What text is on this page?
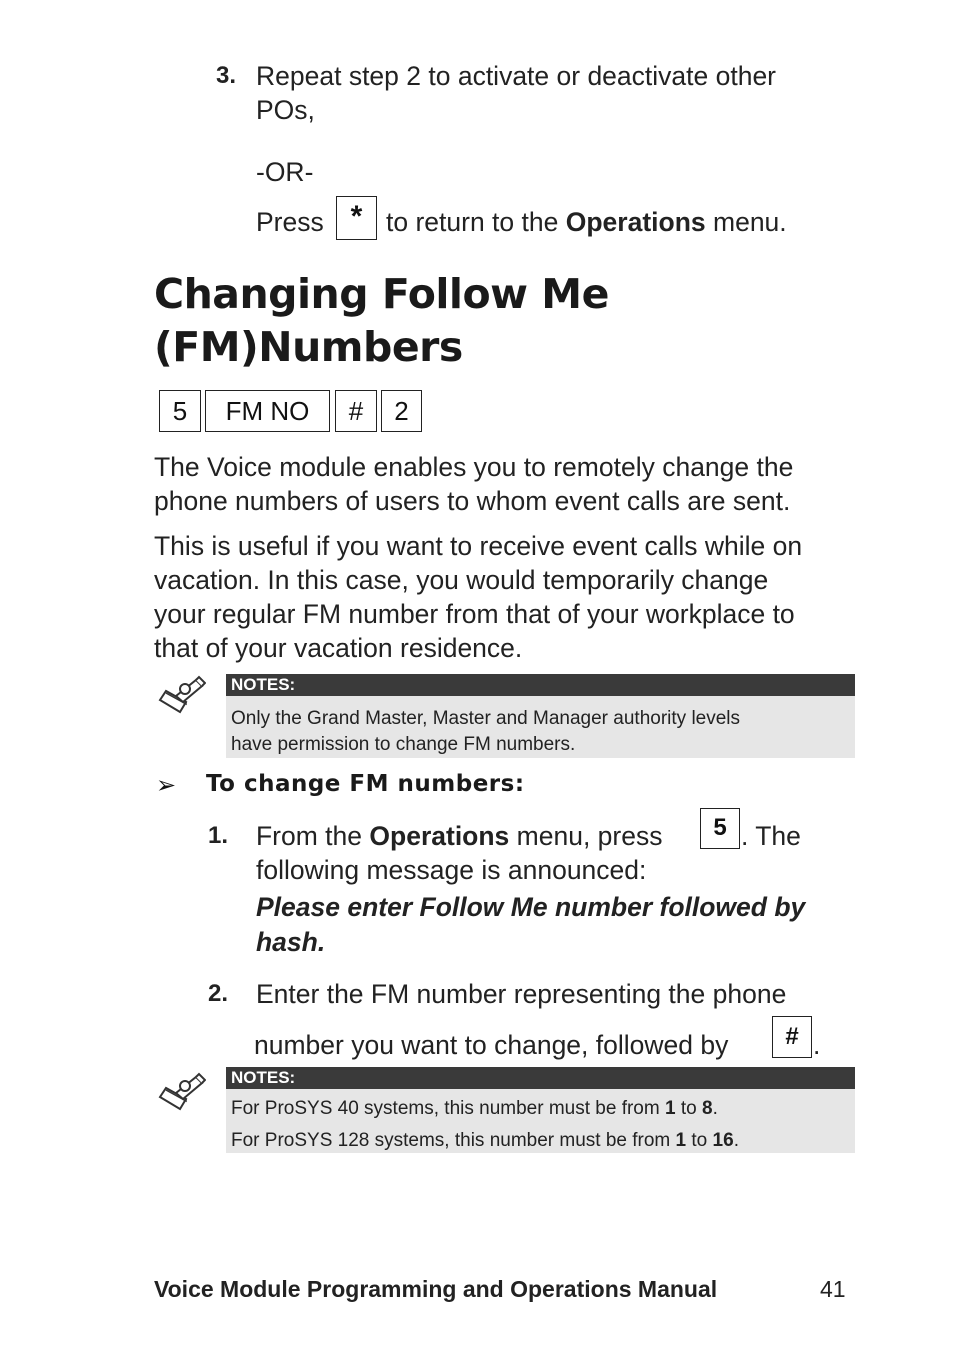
3. Repeat step 2 to activate or deactivate other
POs,
-OR-
Press * to return to the Operations menu.
Changing Follow Me
(FM)Numbers
5	FM NO	#	2
The Voice module enables you to remotely change the
phone numbers of users to whom event calls are sent.
This is useful if you want to receive event calls while on
vacation. In this case, you would temporarily change
your regular FM number from that of your workplace to
that of your vacation residence.
NOTES:
Only the Grand Master, Master and Manager authority levels
have permission to change FM numbers.
➢ To change FM numbers:
1. From the Operations menu, press	5 . The
following message is announced:
Please enter Follow Me number followed by
hash.
2. Enter the FM number representing the phone
number you want to change, followed by	# .
NOTES:
For ProSYS 40 systems, this number must be from 1 to 8.
For ProSYS 128 systems, this number must be from 1 to 16.
Voice Module Programming and Operations Manual	41
